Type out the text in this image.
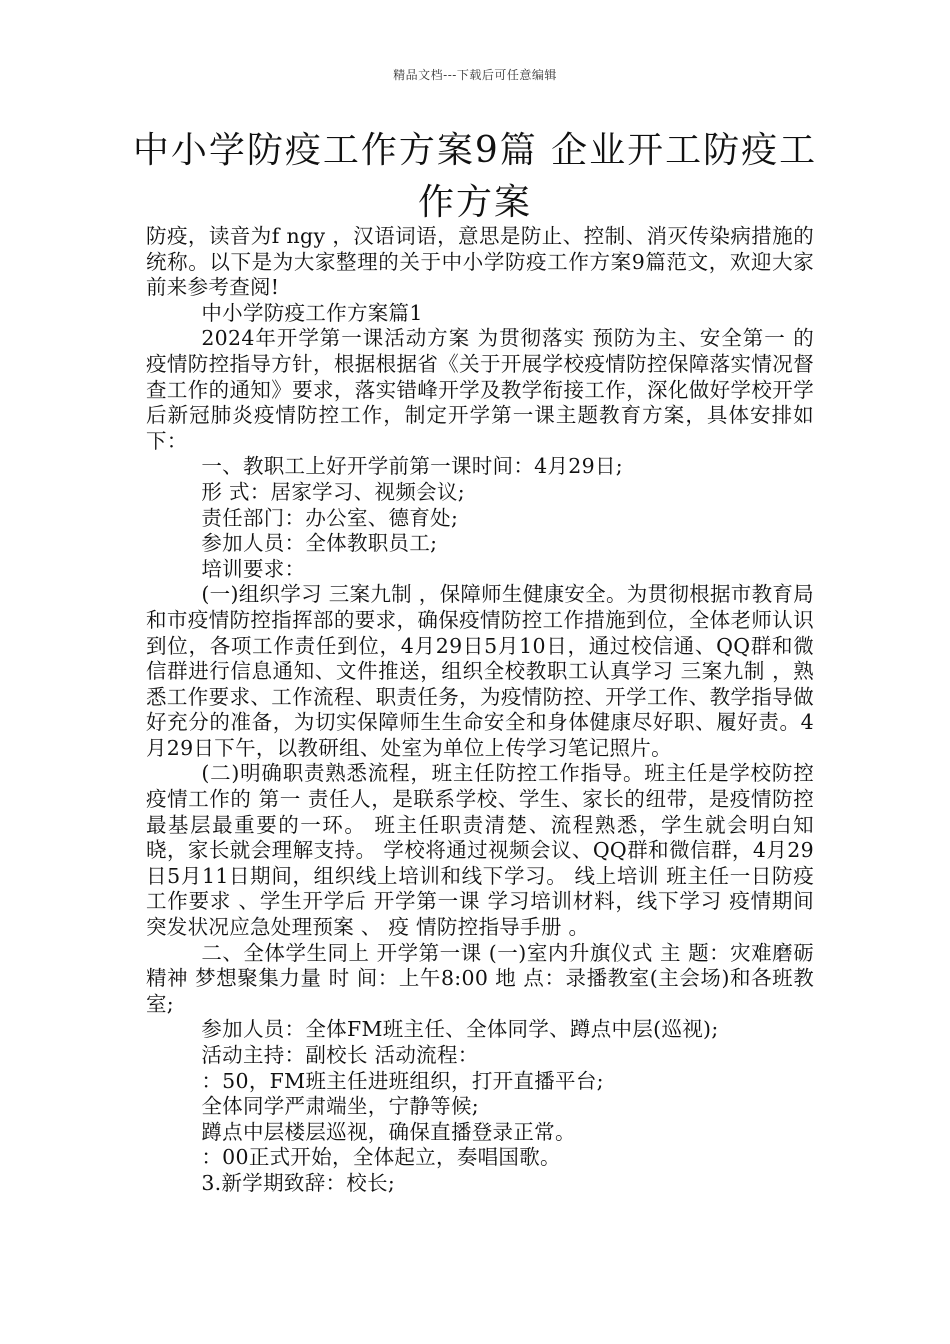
精品文档---下载后可任意编辑
中小学防疫工作方案9篇 企业开工防疫工作方案

防疫，读音为f ngy ，汉语词语，意思是防止、控制、消灭传染病措施的统称。以下是为大家整理的关于中小学防疫工作方案9篇范文，欢迎大家前来参考查阅!

中小学防疫工作方案篇1

2024年开学第一课活动方案 为贯彻落实 预防为主、安全第一 的疫情防控指导方针，根据根据省《关于开展学校疫情防控保障落实情况督查工作的通知》要求，落实错峰开学及教学衔接工作，深化做好学校开学后新冠肺炎疫情防控工作，制定开学第一课主题教育方案，具体安排如下：

一、教职工上好开学前第一课时间：4月29日;

形 式：居家学习、视频会议;

责任部门：办公室、德育处;

参加人员：全体教职员工;

培训要求：

(一)组织学习 三案九制 ，保障师生健康安全。为贯彻根据市教育局和市疫情防控指挥部的要求，确保疫情防控工作措施到位，全体老师认识到位，各项工作责任到位，4月29日5月10日，通过校信通、QQ群和微信群进行信息通知、文件推送，组织全校教职工认真学习 三案九制 ，熟悉工作要求、工作流程、职责任务，为疫情防控、开学工作、教学指导做好充分的准备，为切实保障师生生命安全和身体健康尽好职、履好责。4月29日下午，以教研组、处室为单位上传学习笔记照片。

(二)明确职责熟悉流程，班主任防控工作指导。班主任是学校防控疫情工作的 第一 责任人，是联系学校、学生、家长的纽带，是疫情防控最基层最重要的一环。 班主任职责清楚、流程熟悉，学生就会明白知晓，家长就会理解支持。 学校将通过视频会议、QQ群和微信群，4月29日5月11日期间，组织线上培训和线下学习。 线上培训 班主任一日防疫工作要求 、学生开学后 开学第一课 学习培训材料，线下学习 疫情期间突发状况应急处理预案 、 疫 情防控指导手册 。

二、全体学生同上 开学第一课 (一)室内升旗仪式 主 题：灾难磨砺精神 梦想聚集力量 时 间：上午8:00 地 点：录播教室(主会场)和各班教室;

参加人员：全体FM班主任、全体同学、蹲点中层(巡视);

活动主持：副校长 活动流程：

：50，FM班主任进班组织，打开直播平台;

全体同学严肃端坐，宁静等候;

蹲点中层楼层巡视，确保直播登录正常。

：00正式开始，全体起立，奏唱国歌。

3.新学期致辞：校长;
